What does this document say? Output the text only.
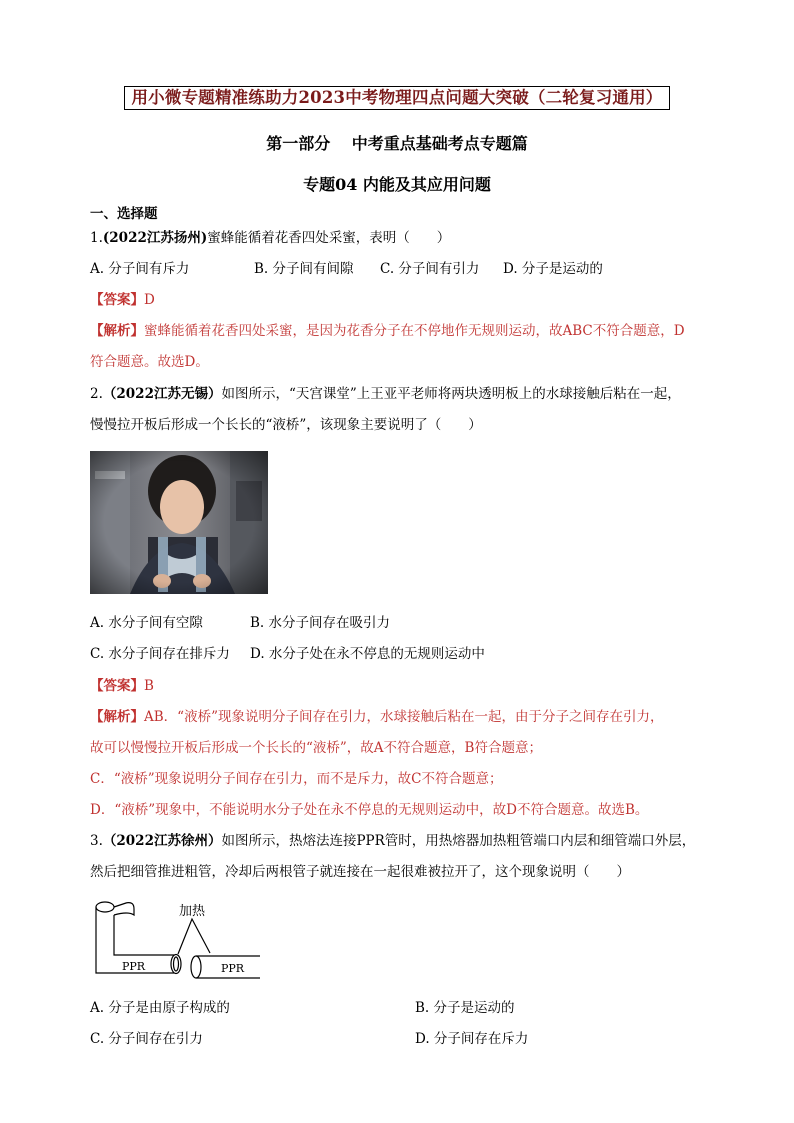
用小微专题精准练助力2023中考物理四点问题大突破（二轮复习通用）
第一部分　 中考重点基础考点专题篇
专题04 内能及其应用问题
一、选择题
1.(2022江苏扬州)蜜蜂能循着花香四处采蜜，表明（　　）
A. 分子间有斥力	B. 分子间有间隙 C. 分子间有引力 D. 分子是运动的
【答案】D
【解析】蜜蜂能循着花香四处采蜜，是因为花香分子在不停地作无规则运动，故ABC不符合题意，D
符合题意。故选D。
2.（2022江苏无锡）如图所示，“天宫课堂”上王亚平老师将两块透明板上的水球接触后粘在一起，
慢慢拉开板后形成一个长长的“液桥”，该现象主要说明了（　　）
A. 水分子间有空隙	B. 水分子间存在吸引力
C. 水分子间存在排斥力 D. 水分子处在永不停息的无规则运动中
【答案】B
【解析】AB．“液桥”现象说明分子间存在引力，水球接触后粘在一起，由于分子之间存在引力，
故可以慢慢拉开板后形成一个长长的“液桥”，故A不符合题意，B符合题意；
C．“液桥”现象说明分子间存在引力，而不是斥力，故C不符合题意；
D．“液桥”现象中，不能说明水分子处在永不停息的无规则运动中，故D不符合题意。故选B。
3.（2022江苏徐州）如图所示，热熔法连接PPR管时，用热熔器加热粗管端口内层和细管端口外层，
然后把细管推进粗管，冷却后两根管子就连接在一起很难被拉开了，这个现象说明（　　）
加热
PPR	PPR
A. 分子是由原子构成的	B. 分子是运动的
C. 分子间存在引力	D. 分子间存在斥力
